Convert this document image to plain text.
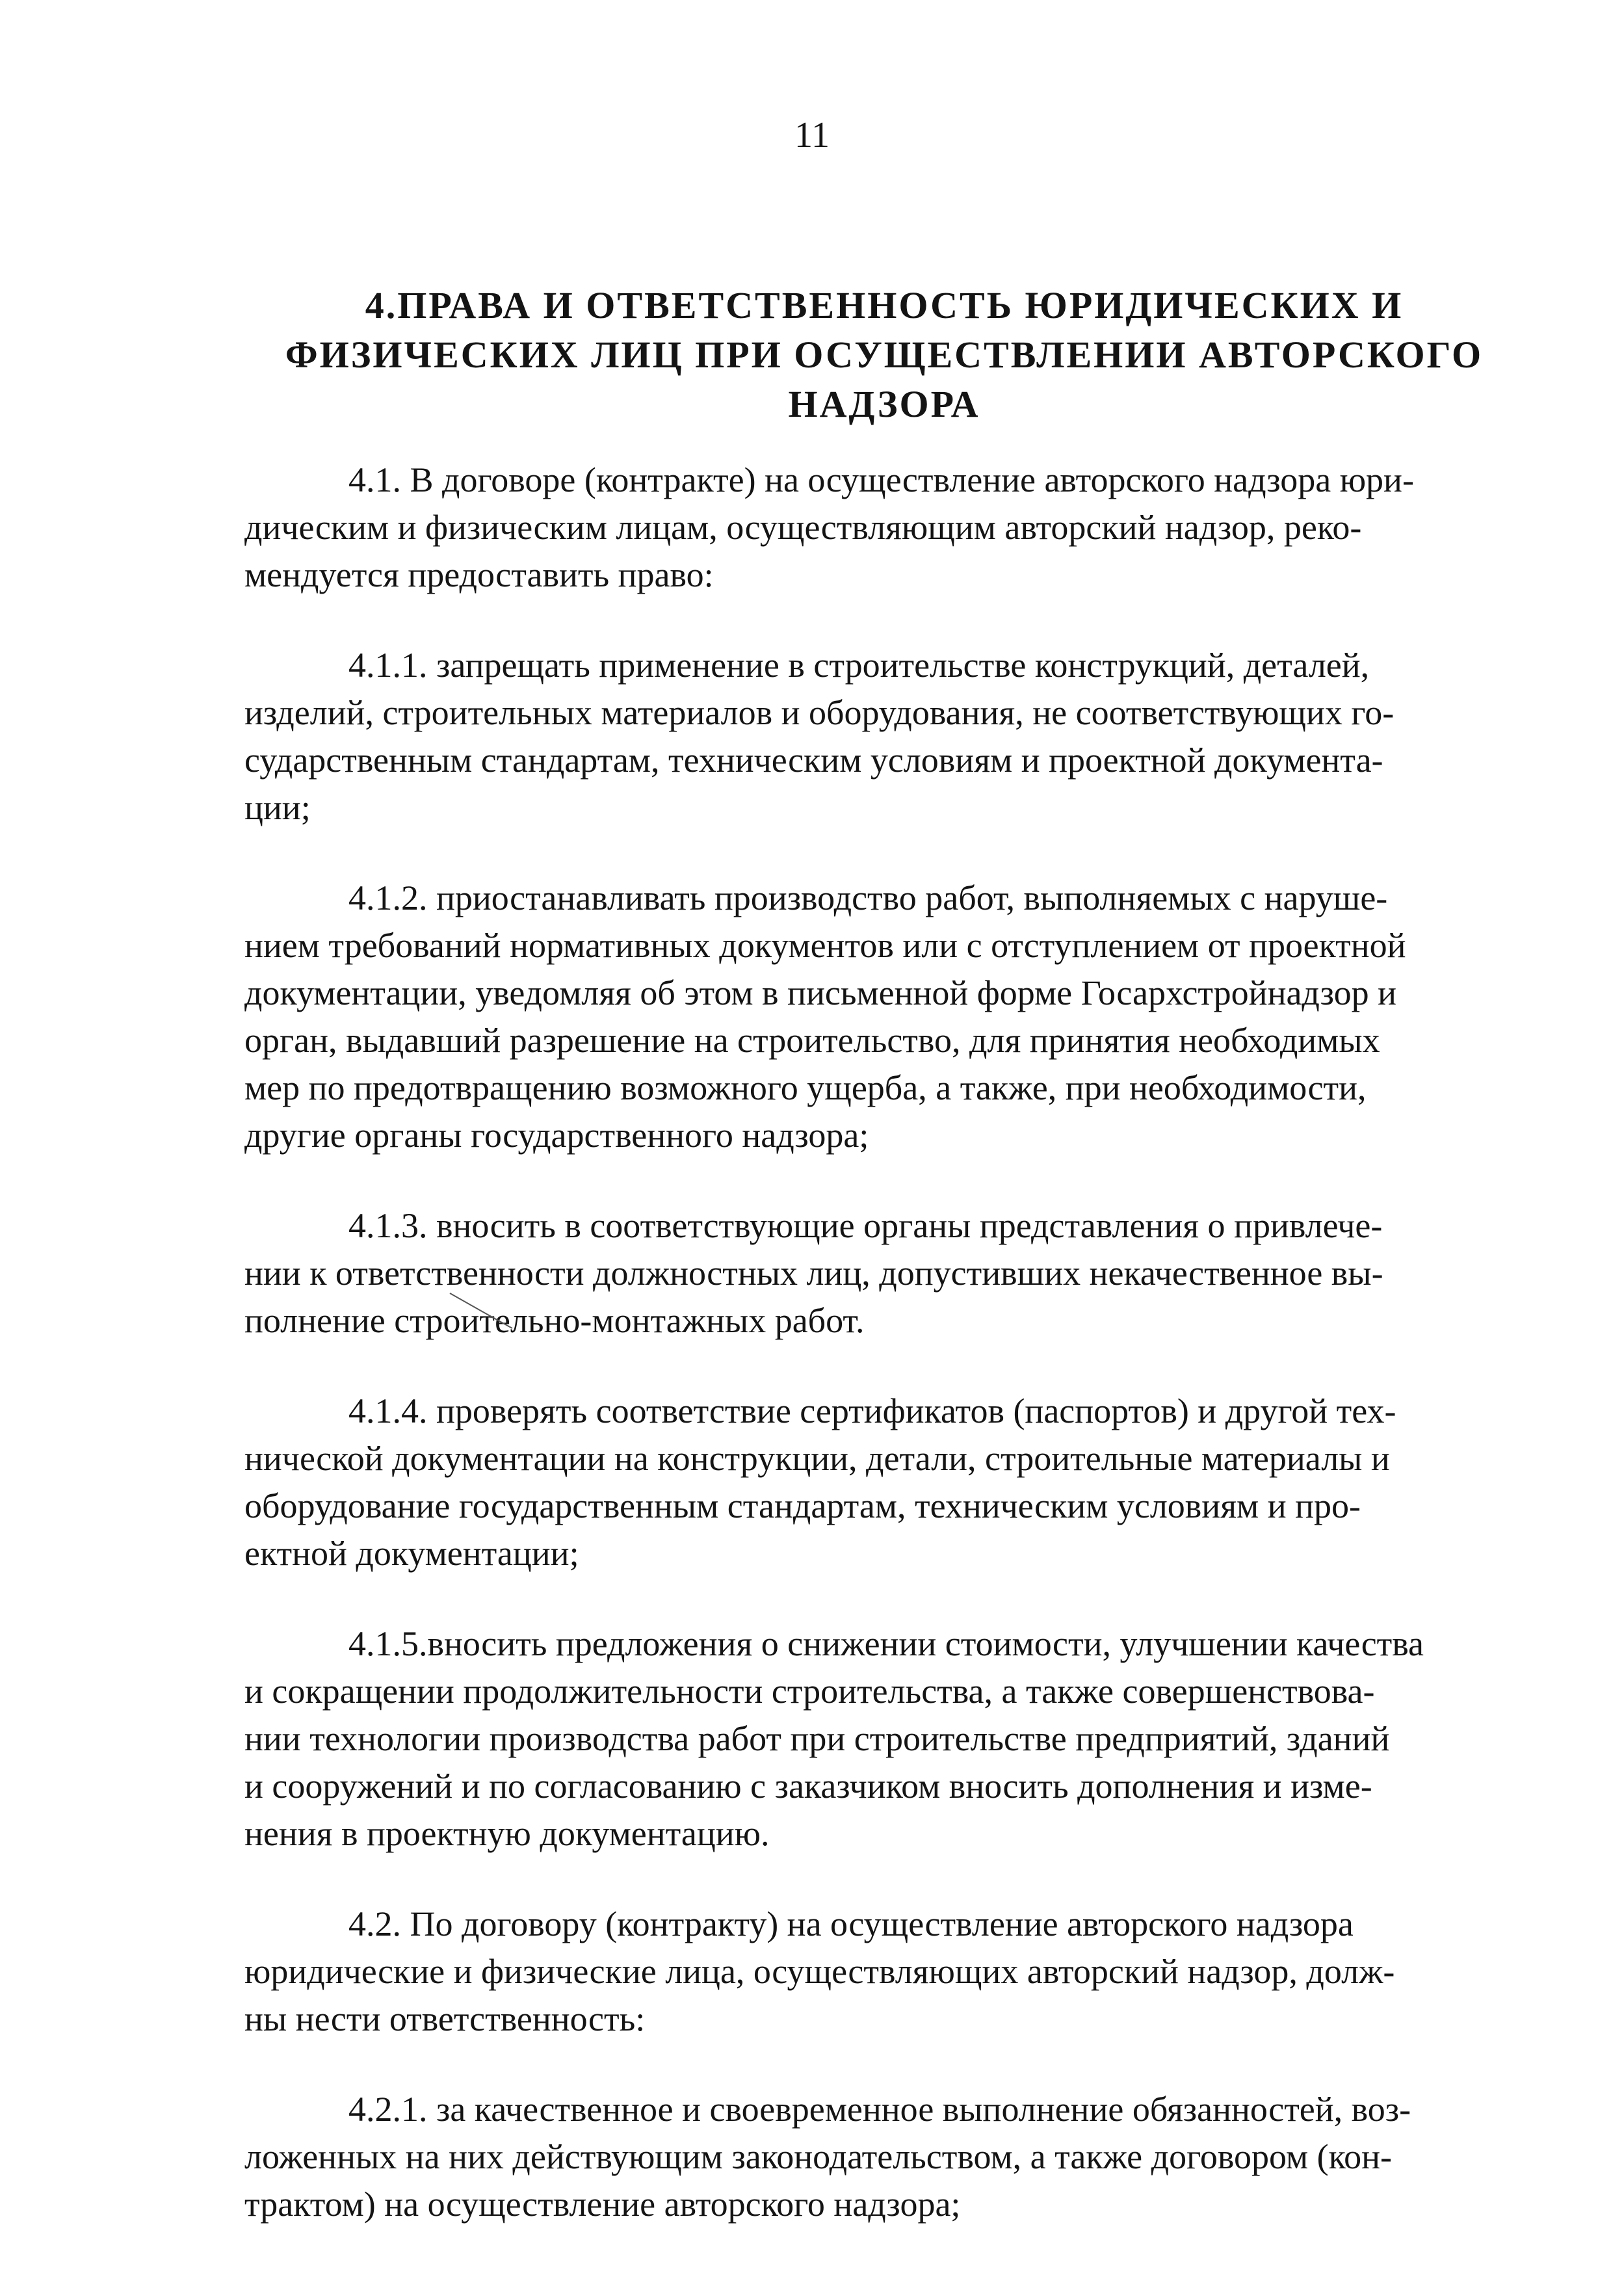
11
4.ПРАВА И ОТВЕТСТВЕННОСТЬ ЮРИДИЧЕСКИХ И
ФИЗИЧЕСКИХ ЛИЦ ПРИ ОСУЩЕСТВЛЕНИИ АВТОРСКОГО
НАДЗОРА
4.1. В договоре (контракте) на осуществление авторского надзора юри-
дическим и физическим лицам, осуществляющим авторский надзор, реко-
мендуется предоставить право:
4.1.1. запрещать применение в строительстве конструкций, деталей,
изделий, строительных материалов и оборудования, не соответствующих го-
сударственным стандартам, техническим условиям и проектной документа-
ции;
4.1.2. приостанавливать производство работ, выполняемых с наруше-
нием требований нормативных документов или с отступлением от проектной
документации, уведомляя об этом в письменной форме Госархстройнадзор и
орган, выдавший разрешение на строительство, для принятия необходимых
мер по предотвращению возможного ущерба, а также, при необходимости,
другие органы государственного надзора;
4.1.3. вносить в соответствующие органы представления о привлече-
нии к ответственности должностных лиц, допустивших некачественное вы-
полнение строительно-монтажных работ.
4.1.4. проверять соответствие сертификатов (паспортов) и другой тех-
нической документации на конструкции, детали, строительные материалы и
оборудование государственным стандартам, техническим условиям и про-
ектной документации;
4.1.5.вносить предложения о снижении стоимости, улучшении качества
и сокращении продолжительности строительства, а также совершенствова-
нии технологии производства работ при строительстве предприятий, зданий
и сооружений и по согласованию с заказчиком вносить дополнения и изме-
нения в проектную документацию.
4.2. По договору (контракту) на осуществление авторского надзора
юридические и физические лица, осуществляющих авторский надзор, долж-
ны нести ответственность:
4.2.1. за качественное и своевременное выполнение обязанностей, воз-
ложенных на них действующим законодательством, а также договором (кон-
трактом) на осуществление авторского надзора;
